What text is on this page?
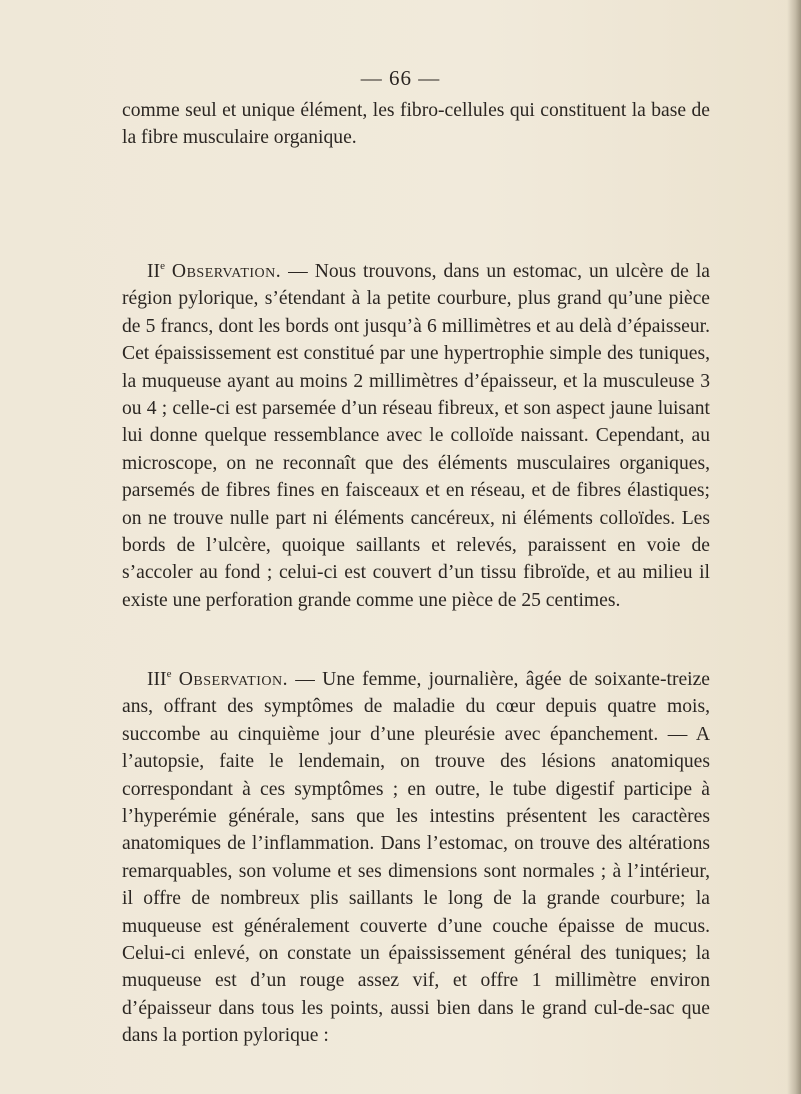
— 66 —

comme seul et unique élément, les fibro-cellules qui constituent la base de la fibre musculaire organique.

IIe Observation. — Nous trouvons, dans un estomac, un ulcère de la région pylorique, s’étendant à la petite courbure, plus grand qu’une pièce de 5 francs, dont les bords ont jusqu’à 6 millimètres et au delà d’épaisseur. Cet épaississement est constitué par une hypertrophie simple des tuniques, la muqueuse ayant au moins 2 millimètres d’épaisseur, et la musculeuse 3 ou 4 ; celle-ci est parsemée d’un réseau fibreux, et son aspect jaune luisant lui donne quelque ressemblance avec le colloïde naissant. Cependant, au microscope, on ne reconnaît que des éléments musculaires organiques, parsemés de fibres fines en faisceaux et en réseau, et de fibres élastiques; on ne trouve nulle part ni éléments cancéreux, ni éléments colloïdes. Les bords de l’ulcère, quoique saillants et relevés, paraissent en voie de s’accoler au fond ; celui-ci est couvert d’un tissu fibroïde, et au milieu il existe une perforation grande comme une pièce de 25 centimes.

IIIe Observation. — Une femme, journalière, âgée de soixante-treize ans, offrant des symptômes de maladie du cœur depuis quatre mois, succombe au cinquième jour d’une pleurésie avec épanchement. — A l’autopsie, faite le lendemain, on trouve des lésions anatomiques correspondant à ces symptômes ; en outre, le tube digestif participe à l’hyperémie générale, sans que les intestins présentent les caractères anatomiques de l’inflammation. Dans l’estomac, on trouve des altérations remarquables, son volume et ses dimensions sont normales ; à l’intérieur, il offre de nombreux plis saillants le long de la grande courbure; la muqueuse est généralement couverte d’une couche épaisse de mucus. Celui-ci enlevé, on constate un épaississement général des tuniques; la muqueuse est d’un rouge assez vif, et offre 1 millimètre environ d’épaisseur dans tous les points, aussi bien dans le grand cul-de-sac que dans la portion pylorique :
